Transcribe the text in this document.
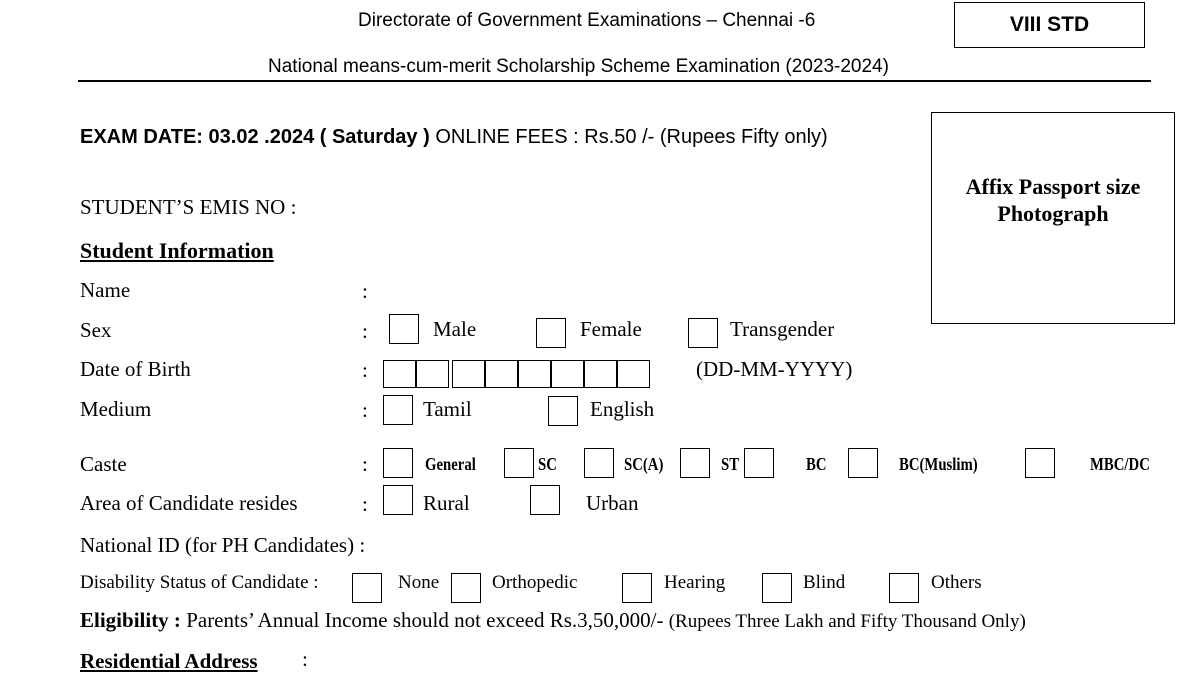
Directorate of Government Examinations – Chennai -6	VIII STD
National means-cum-merit Scholarship Scheme Examination (2023-2024)
EXAM DATE: 03.02 .2024 ( Saturday ) ONLINE FEES : Rs.50 /- (Rupees Fifty only)
Affix Passport size Photograph
STUDENT’S EMIS NO :
Student Information
Name	:
Sex	:	Male	Female	Transgender
Date of Birth	:	(DD-MM-YYYY)
Medium	:	Tamil	English
Caste	:	General	SC	SC(A)	ST	BC	BC(Muslim)	MBC/DC
Area of Candidate resides	:	Rural	Urban
National ID (for PH Candidates) :
Disability Status of Candidate :	None	Orthopedic	Hearing	Blind	Others
Eligibility : Parents’ Annual Income should not exceed Rs.3,50,000/- (Rupees Three Lakh and Fifty Thousand Only)
Residential Address :
